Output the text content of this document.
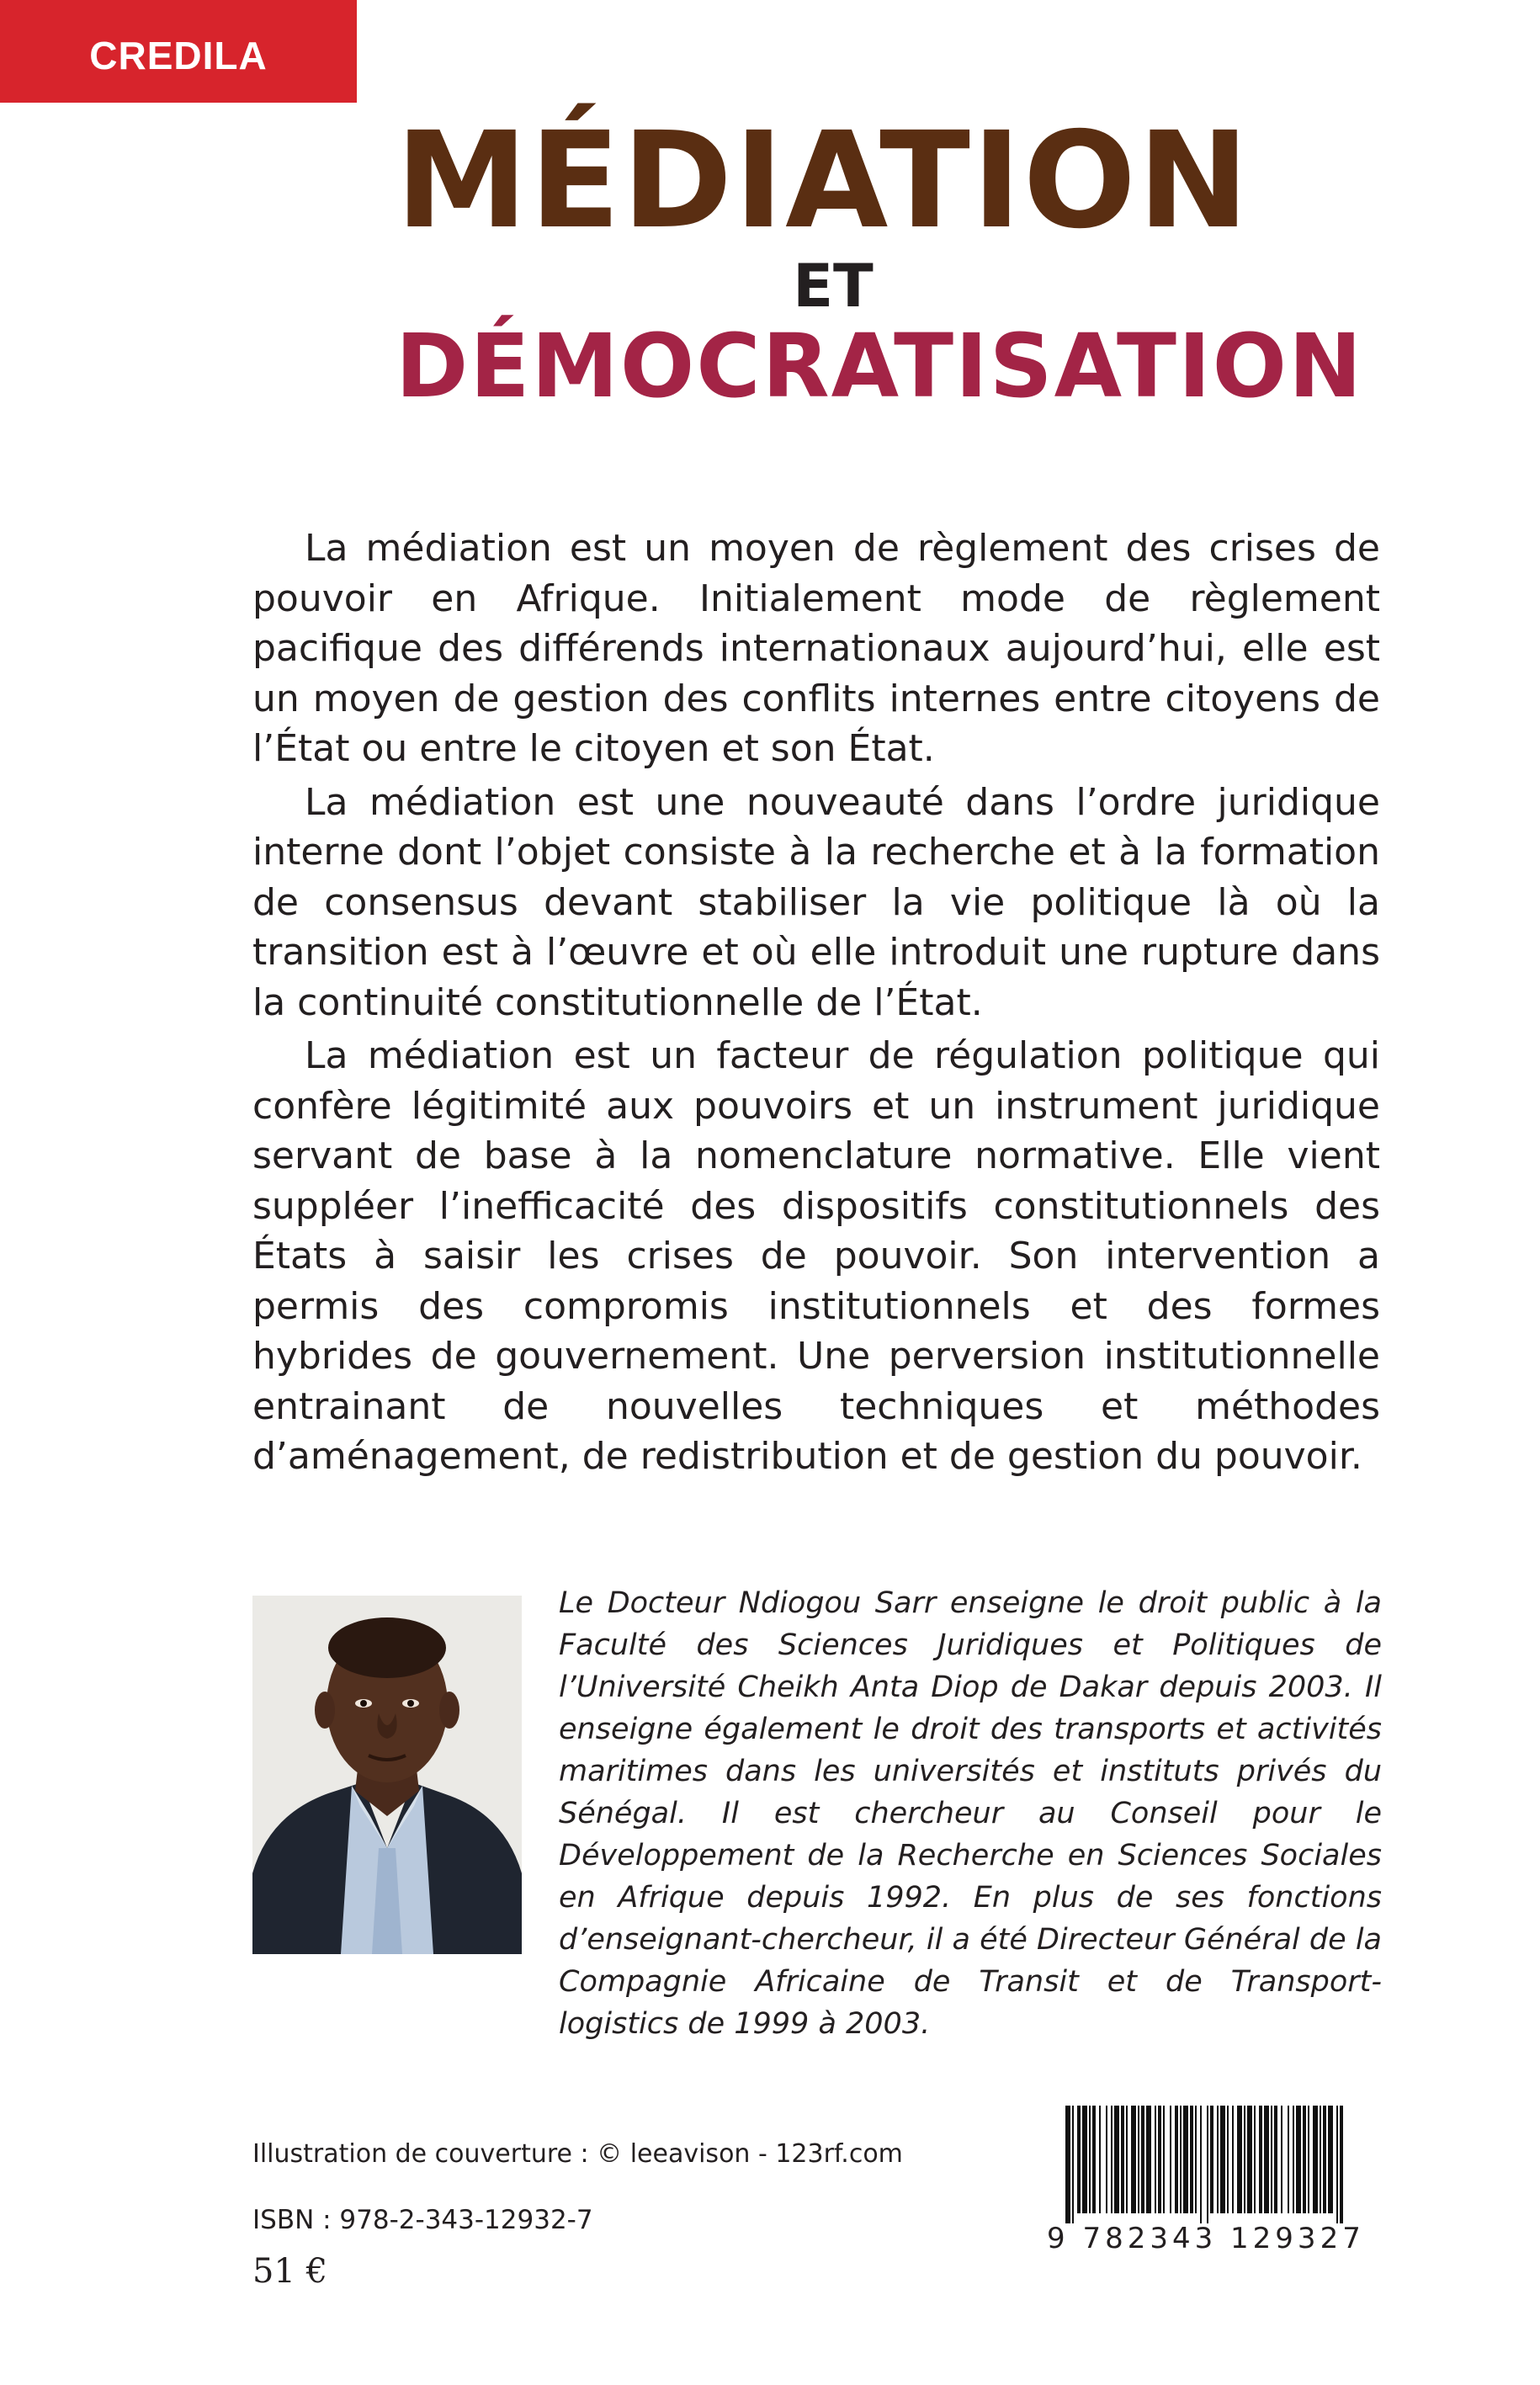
CREDILA
MÉDIATION
ET
DÉMOCRATISATION

La médiation est un moyen de règlement des crises de pouvoir en Afrique. Initialement mode de règlement pacifique des différends internationaux aujourd’hui, elle est un moyen de gestion des conflits internes entre citoyens de l’État ou entre le citoyen et son État.

La médiation est une nouveauté dans l’ordre juridique interne dont l’objet consiste à la recherche et à la formation de consensus devant stabiliser la vie politique là où la transition est à l’œuvre et où elle introduit une rupture dans la continuité constitutionnelle de l’État.

La médiation est un facteur de régulation politique qui confère légitimité aux pouvoirs et un instrument juridique servant de base à la nomenclature normative. Elle vient suppléer l’inefficacité des dispositifs constitutionnels des États à saisir les crises de pouvoir. Son intervention a permis des compromis institutionnels et des formes hybrides de gouvernement. Une perversion institutionnelle entrainant de nouvelles techniques et méthodes d’aménagement, de redistribution et de gestion du pouvoir.

Le Docteur Ndiogou Sarr enseigne le droit public à la Faculté des Sciences Juridiques et Politiques de l’Université Cheikh Anta Diop de Dakar depuis 2003. Il enseigne également le droit des transports et activités maritimes dans les universités et instituts privés du Sénégal. Il est chercheur au Conseil pour le Développement de la Recherche en Sciences Sociales en Afrique depuis 1992. En plus de ses fonctions d’enseignant-chercheur, il a été Directeur Général de la Compagnie Africaine de Transit et de Transport-logistics de 1999 à 2003.
Illustration de couverture : © leeavison - 123rf.com
ISBN : 978-2-343-12932-7
51 €
9 782343 129327
